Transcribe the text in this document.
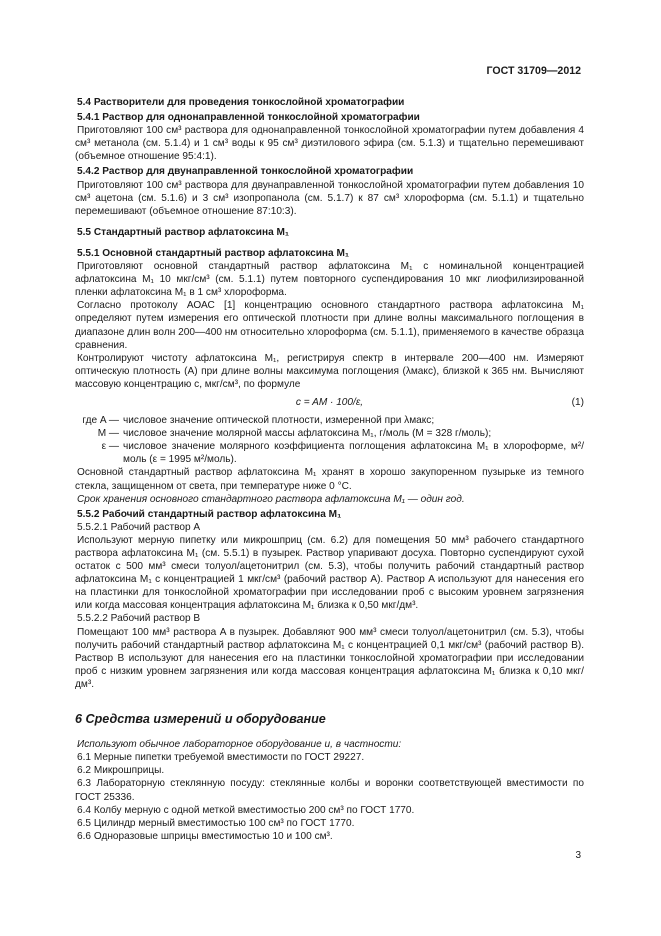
ГОСТ 31709—2012

5.4 Растворители для проведения тонкослойной хроматографии

5.4.1 Раствор для однонаправленной тонкослойной хроматографии

Приготовляют 100 см³ раствора для однонаправленной тонкослойной хроматографии путем добавления 4 см³ метанола (см. 5.1.4) и 1 см³ воды к 95 см³ диэтилового эфира (см. 5.1.3) и тщательно перемешивают (объемное отношение 95:4:1).

5.4.2 Раствор для двунаправленной тонкослойной хроматографии

Приготовляют 100 см³ раствора для двунаправленной тонкослойной хроматографии путем добавления 10 см³ ацетона (см. 5.1.6) и 3 см³ изопропанола (см. 5.1.7) к 87 см³ хлороформа (см. 5.1.1) и тщательно перемешивают (объемное отношение 87:10:3).

5.5 Стандартный раствор афлатоксина M₁

5.5.1 Основной стандартный раствор афлатоксина M₁

Приготовляют основной стандартный раствор афлатоксина M₁ с номинальной концентрацией афлатоксина M₁ 10 мкг/см³ (см. 5.1.1) путем повторного суспендирования 10 мкг лиофилизированной пленки афлатоксина M₁ в 1 см³ хлороформа.

Согласно протоколу АОАС [1] концентрацию основного стандартного раствора афлатоксина M₁ определяют путем измерения его оптической плотности при длине волны максимального поглощения в диапазоне длин волн 200—400 нм относительно хлороформа (см. 5.1.1), применяемого в качестве образца сравнения.

Контролируют чистоту афлатоксина M₁, регистрируя спектр в интервале 200—400 нм. Измеряют оптическую плотность (A) при длине волны максимума поглощения (λмакс), близкой к 365 нм. Вычисляют массовую концентрацию c, мкг/см³, по формуле

c = AM · 100/ε,	(1)

где A — числовое значение оптической плотности, измеренной при λмакс;

M — числовое значение молярной массы афлатоксина M₁, г/моль (M = 328 г/моль);

ε — числовое значение молярного коэффициента поглощения афлатоксина M₁ в хлороформе, м²/моль (ε = 1995 м²/моль).

Основной стандартный раствор афлатоксина M₁ хранят в хорошо закупоренном пузырьке из темного стекла, защищенном от света, при температуре ниже 0 °C.

Срок хранения основного стандартного раствора афлатоксина M₁ — один год.

5.5.2 Рабочий стандартный раствор афлатоксина M₁

5.5.2.1 Рабочий раствор A

Используют мерную пипетку или микрошприц (см. 6.2) для помещения 50 мм³ рабочего стандартного раствора афлатоксина M₁ (см. 5.5.1) в пузырек. Раствор упаривают досуха. Повторно суспендируют сухой остаток с 500 мм³ смеси толуол/ацетонитрил (см. 5.3), чтобы получить рабочий стандартный раствор афлатоксина M₁ с концентрацией 1 мкг/см³ (рабочий раствор A). Раствор A используют для нанесения его на пластинки для тонкослойной хроматографии при исследовании проб с высоким уровнем загрязнения или когда массовая концентрация афлатоксина M₁ близка к 0,50 мкг/дм³.

5.5.2.2 Рабочий раствор B

Помещают 100 мм³ раствора A в пузырек. Добавляют 900 мм³ смеси толуол/ацетонитрил (см. 5.3), чтобы получить рабочий стандартный раствор афлатоксина M₁ с концентрацией 0,1 мкг/см³ (рабочий раствор B). Раствор B используют для нанесения его на пластинки тонкослойной хроматографии при исследовании проб с низким уровнем загрязнения или когда массовая концентрация афлатоксина M₁ близка к 0,10 мкг/дм³.

6 Средства измерений и оборудование

Используют обычное лабораторное оборудование и, в частности:

6.1 Мерные пипетки требуемой вместимости по ГОСТ 29227.

6.2 Микрошприцы.

6.3 Лабораторную стеклянную посуду: стеклянные колбы и воронки соответствующей вместимости по ГОСТ 25336.

6.4 Колбу мерную с одной меткой вместимостью 200 см³ по ГОСТ 1770.

6.5 Цилиндр мерный вместимостью 100 см³ по ГОСТ 1770.

6.6 Одноразовые шприцы вместимостью 10 и 100 см³.

3
